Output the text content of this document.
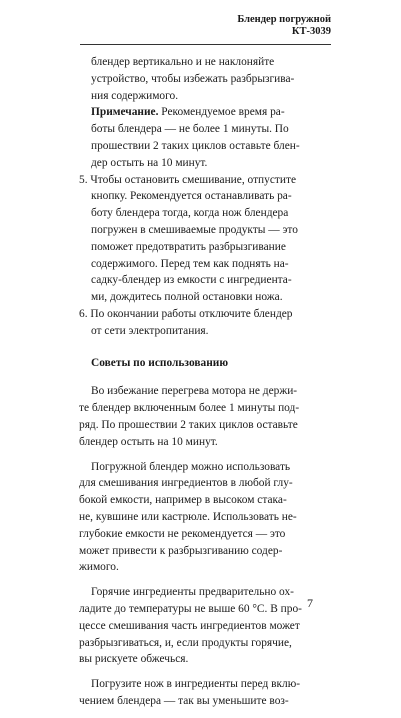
Блендер погружной
КТ-3039

блендер вертикально и не наклоняйте

устройство, чтобы избежать разбрызгива-

ния содержимого.

Примечание. Рекомендуемое время ра-

боты блендера — не более 1 минуты. По

прошествии 2 таких циклов оставьте блен-

дер остыть на 10 минут.

5. Чтобы остановить смешивание, отпустите

кнопку. Рекомендуется останавливать ра-

боту блендера тогда, когда нож блендера

погружен в смешиваемые продукты — это

поможет предотвратить разбрызгивание

содержимого. Перед тем как поднять на-

садку-блендер из емкости с ингредиента-

ми, дождитесь полной остановки ножа.

6. По окончании работы отключите блендер

от сети электропитания.

Советы по использованию

Во избежание перегрева мотора не держи-

те блендер включенным более 1 минуты под-

ряд. По прошествии 2 таких циклов оставьте

блендер остыть на 10 минут.

Погружной блендер можно использовать

для смешивания ингредиентов в любой глу-

бокой емкости, например в высоком стака-

не, кувшине или кастрюле. Использовать не-

глубокие емкости не рекомендуется — это

может привести к разбрызгиванию содер-

жимого.

Горячие ингредиенты предварительно ох-

ладите до температуры не выше 60 °С. В про-

цессе смешивания часть ингредиентов может

разбрызгиваться, и, если продукты горячие,

вы рискуете обжечься.

Погрузите нож в ингредиенты перед вклю-

чением блендера — так вы уменьшите воз-

7
